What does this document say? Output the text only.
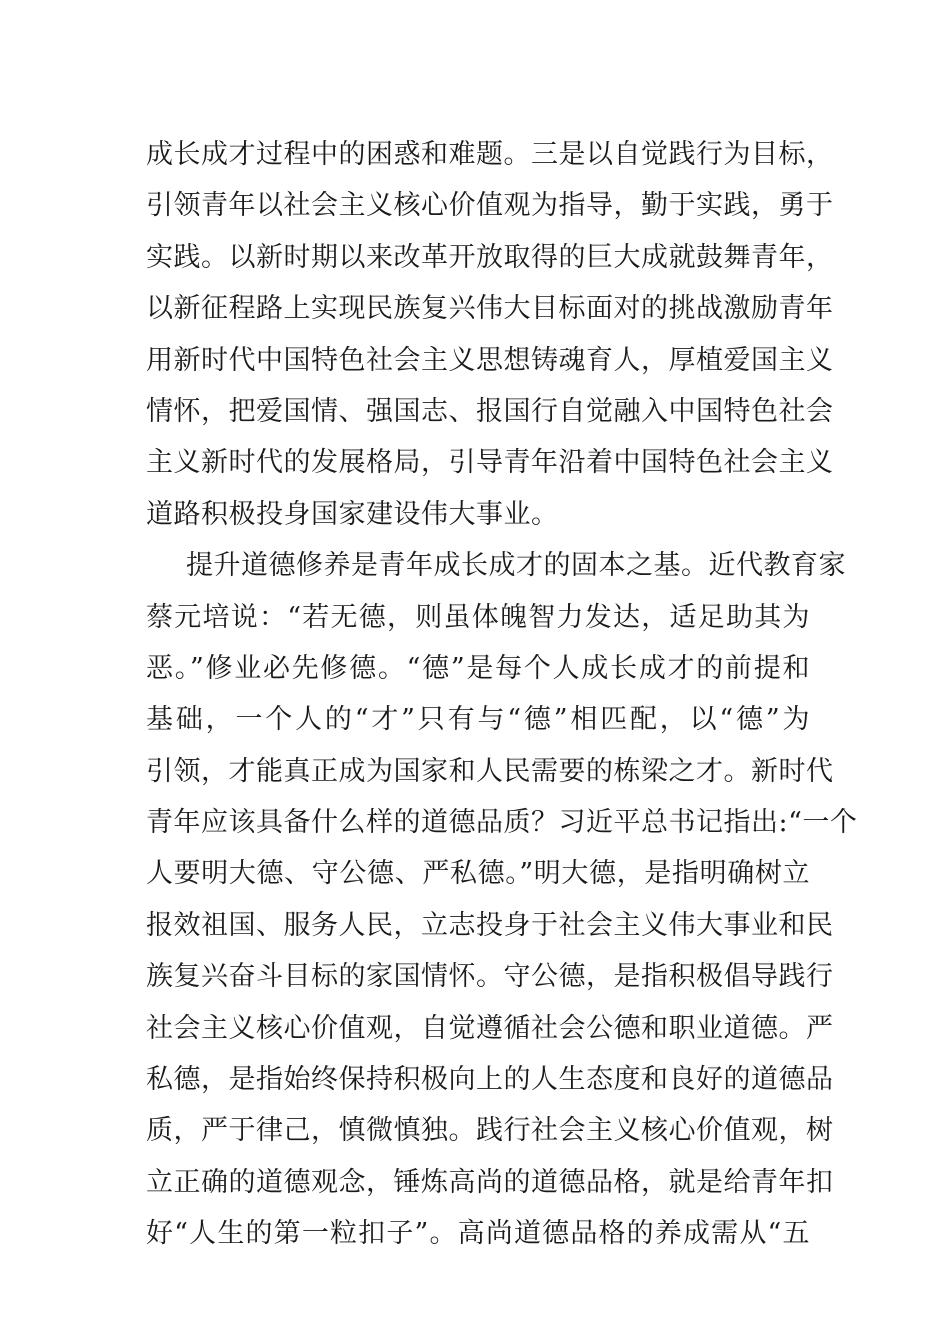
成长成才过程中的困惑和难题。三是以自觉践行为目标，
引领青年以社会主义核心价值观为指导，勤于实践，勇于
实践。以新时期以来改革开放取得的巨大成就鼓舞青年，
以新征程路上实现民族复兴伟大目标面对的挑战激励青年
用新时代中国特色社会主义思想铸魂育人，厚植爱国主义
情怀，把爱国情、强国志、报国行自觉融入中国特色社会
主义新时代的发展格局，引导青年沿着中国特色社会主义
道路积极投身国家建设伟大事业。
提升道德修养是青年成长成才的固本之基。近代教育家
蔡元培说：“若无德，则虽体魄智力发达，适足助其为
恶。”修业必先修德。“德”是每个人成长成才的前提和
基础，一个人的“才”只有与“德”相匹配，以“德”为
引领，才能真正成为国家和人民需要的栋梁之才。新时代
青年应该具备什么样的道德品质？习近平总书记指出:“一个
人要明大德、守公德、严私德。”明大德，是指明确树立
报效祖国、服务人民，立志投身于社会主义伟大事业和民
族复兴奋斗目标的家国情怀。守公德，是指积极倡导践行
社会主义核心价值观，自觉遵循社会公德和职业道德。严
私德，是指始终保持积极向上的人生态度和良好的道德品
质，严于律己，慎微慎独。践行社会主义核心价值观，树
立正确的道德观念，锤炼高尚的道德品格，就是给青年扣
好“人生的第一粒扣子”。高尚道德品格的养成需从“五
